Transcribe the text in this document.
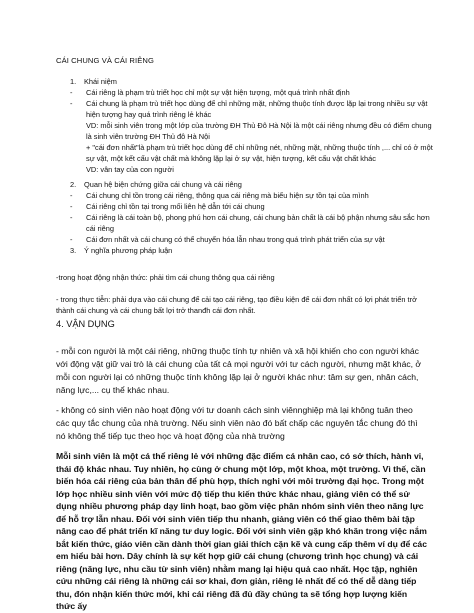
CÁI CHUNG VÀ CÁI RIÊNG
1. Khái niệm
- Cái riêng là phạm trù triết học chỉ một sự vật hiện tượng, một quá trình nhất định
- Cái chung là phạm trù triết học dùng để chỉ những mặt, những thuộc tính được lặp lại trong nhiều sự vật hiện tượng hay quá trình riêng lẻ khác
VD: mỗi sinh viên trong một lớp của trường ĐH Thủ Đô Hà Nội là một cái riêng nhưng đều có điểm chung là sinh viên trường ĐH Thủ đô Hà Nội
+ "cái đơn nhất"là phạm trù triết học dùng để chỉ những nét, những mặt, những thuộc tính ,... chỉ có ở một sự vật, một kết cấu vật chất mà không lặp lại ở sự vật, hiện tượng, kết cấu vật chất khác
VD: vân tay của con người
2. Quan hệ biện chứng giữa cái chung và cái riêng
- Cái chung chỉ tồn trong cái riêng, thông qua cái riêng mà biểu hiện sự tồn tại của mình
- Cái riêng chỉ tồn tại trong mối liên hệ dẫn tới cái chung
- Cái riêng là cái toàn bộ, phong phú hơn cái chung, cái chung bản chất là cái bộ phận nhưng sâu sắc hơn cái riêng
- Cái đơn nhất và cái chung có thể chuyển hóa lẫn nhau trong quá trình phát triển của sự vật
3. Ý nghĩa phương pháp luận
-trong hoạt động nhận thức: phải tìm cái chung thông qua cái riêng
- trong thực tiễn: phải dựa vào cái chung để cải tạo cái riêng, tạo điều kiện để cái đơn nhất có lợi phát triển trở thành cái chung và cái chung bất lợi trở thanđh cái đơn nhất.
4. VẬN DỤNG
- mỗi con người là một cái riêng, những thuộc tính tự nhiên và xã hội khiến cho con người khác với động vật giữ vai trò là cái chung của tất cả mọi người với tư cách người, nhưng mặt khác, ở mỗi con người lại có những thuộc tính không lặp lại ở người khác như: tâm sự gen, nhân cách, năng lực,... cụ thể khác nhau.
- không có sinh viên nào hoạt động với tư doanh cách sinh viênnghiệp mà lại không tuân theo các quy tắc chung của nhà trường. Nếu sinh viên nào đó bất chấp các nguyên tắc chung đó thì nó không thể tiếp tục theo học và hoạt động của nhà trường
Mỗi sinh viên là một cá thể riêng lẻ với những đặc điểm cá nhân cao, có sở thích, hành vi, thái độ khác nhau. Tuy nhiên, họ cùng ở chung một lớp, một khoa, một trường. Vì thế, cần biến hóa cái riêng của bản thân để phù hợp, thích nghi với môi trường đại học. Trong một lớp học nhiều sinh viên với mức độ tiếp thu kiến thức khác nhau, giảng viên có thể sử dụng nhiều phương pháp dạy linh hoạt, bao gồm việc phân nhóm sinh viên theo năng lực để hỗ trợ lẫn nhau. Đối với sinh viên tiếp thu nhanh, giảng viên có thể giao thêm bài tập nâng cao để phát triển kĩ năng tư duy logic. Đối với sinh viên gặp khó khăn trong việc nắm bắt kiến thức, giáo viên cần dành thời gian giải thích cặn kẽ và cung cấp thêm ví dụ để các em hiểu bài hơn. Dây chính là sự kết hợp giữ cái chung (chương trình học chung) và cái riêng (năng lực, nhu cầu từ sinh viên) nhằm mang lại hiệu quả cao nhất. Học tập, nghiên cứu những cái riêng là những cái sơ khai, đơn giản, riêng lẻ nhất để có thể dễ dàng tiếp thu, đón nhận kiến thức mới, khi cái riêng đã đủ đầy chúng ta sẽ tổng hợp lượng kiến thức ấy
